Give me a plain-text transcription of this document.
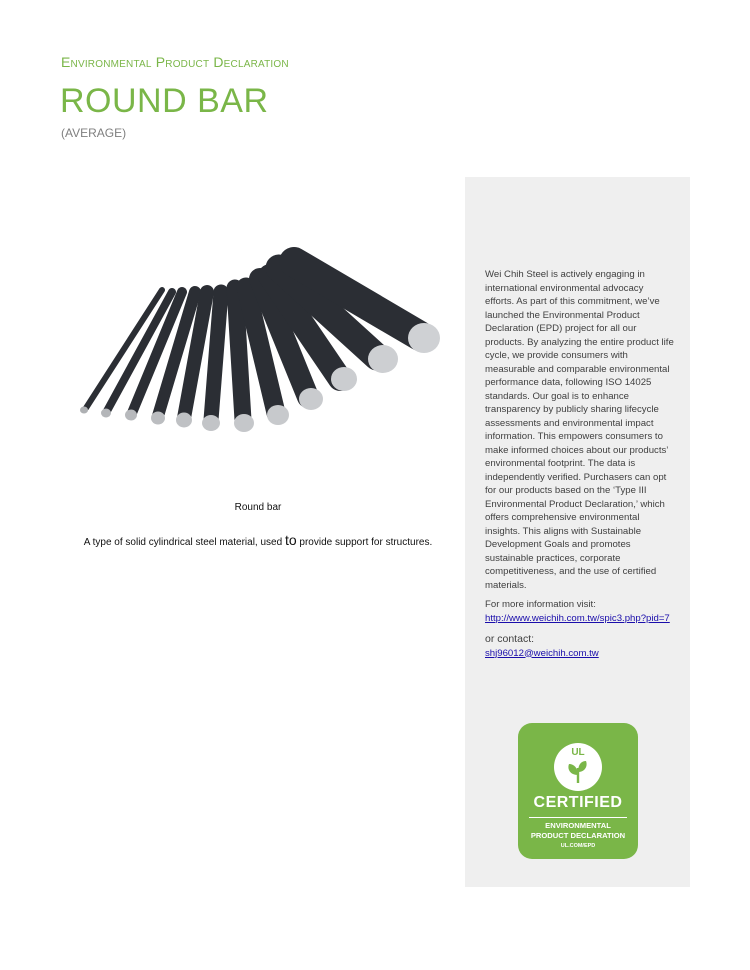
Environmental Product Declaration
ROUND BAR
(AVERAGE)
Round bar
A type of solid cylindrical steel material, used to provide support for structures.
Wei Chih Steel is actively engaging in international environmental advocacy efforts. As part of this commitment, we’ve launched the Environmental Product Declaration (EPD) project for all our products. By analyzing the entire product life cycle, we provide consumers with measurable and comparable environmental performance data, following ISO 14025 standards. Our goal is to enhance transparency by publicly sharing lifecycle assessments and environmental impact information. This empowers consumers to make informed choices about our products’ environmental footprint. The data is independently verified. Purchasers can opt for our products based on the ‘Type III Environmental Product Declaration,’ which offers comprehensive environmental insights. This aligns with Sustainable Development Goals and promotes sustainable practices, corporate competitiveness, and the use of certified materials.
For more information visit:
http://www.weichih.com.tw/spic3.php?pid=7
or contact:
shj96012@weichih.com.tw
UL
CERTIFIED
ENVIRONMENTAL
PRODUCT DECLARATION
UL.COM/EPD
